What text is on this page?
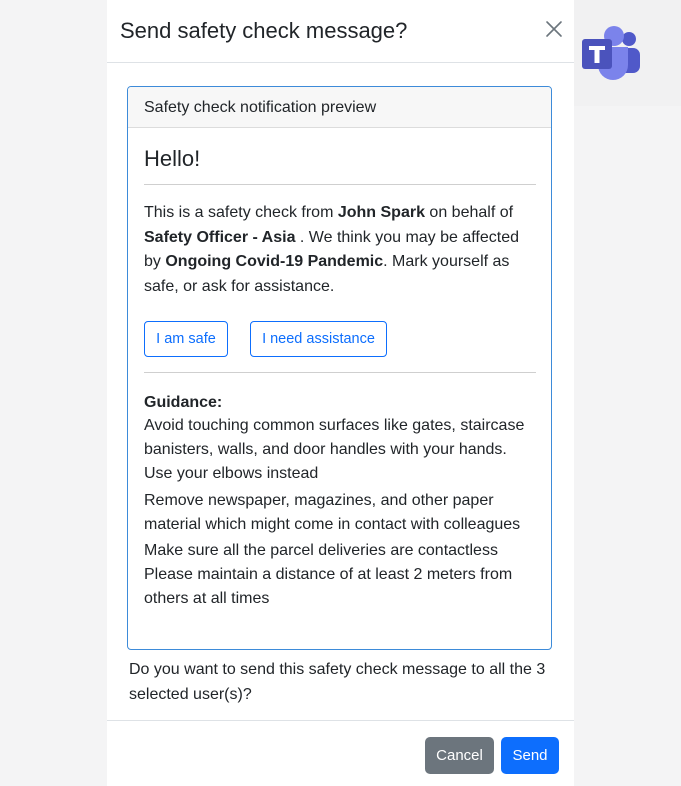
Send safety check message?
Safety check notification preview
Hello!
This is a safety check from John Spark on behalf of Safety Officer - Asia . We think you may be affected by Ongoing Covid-19 Pandemic. Mark yourself as safe, or ask for assistance.
I am safe	I need assistance
Guidance:
Avoid touching common surfaces like gates, staircase banisters, walls, and door handles with your hands. Use your elbows instead
Remove newspaper, magazines, and other paper material which might come in contact with colleagues
Make sure all the parcel deliveries are contactless
Please maintain a distance of at least 2 meters from others at all times
Do you want to send this safety check message to all the 3 selected user(s)?
Cancel	Send
